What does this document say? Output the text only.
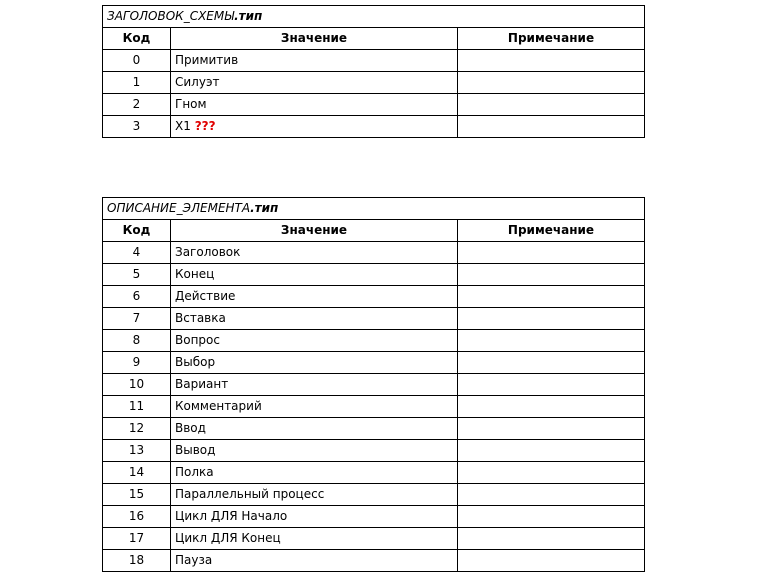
ЗАГОЛОВОК_СХЕМЫ.тип		
Код	Значение	Примечание
0	Примитив	
1	Силуэт	
2	Гном	
3	Х1 ???	
ОПИСАНИЕ_ЭЛЕМЕНТА.тип		
Код	Значение	Примечание
4	Заголовок	
5	Конец	
6	Действие	
7	Вставка	
8	Вопрос	
9	Выбор	
10	Вариант	
11	Комментарий	
12	Ввод	
13	Вывод	
14	Полка	
15	Параллельный процесс	
16	Цикл ДЛЯ Начало	
17	Цикл ДЛЯ Конец	
18	Пауза	
